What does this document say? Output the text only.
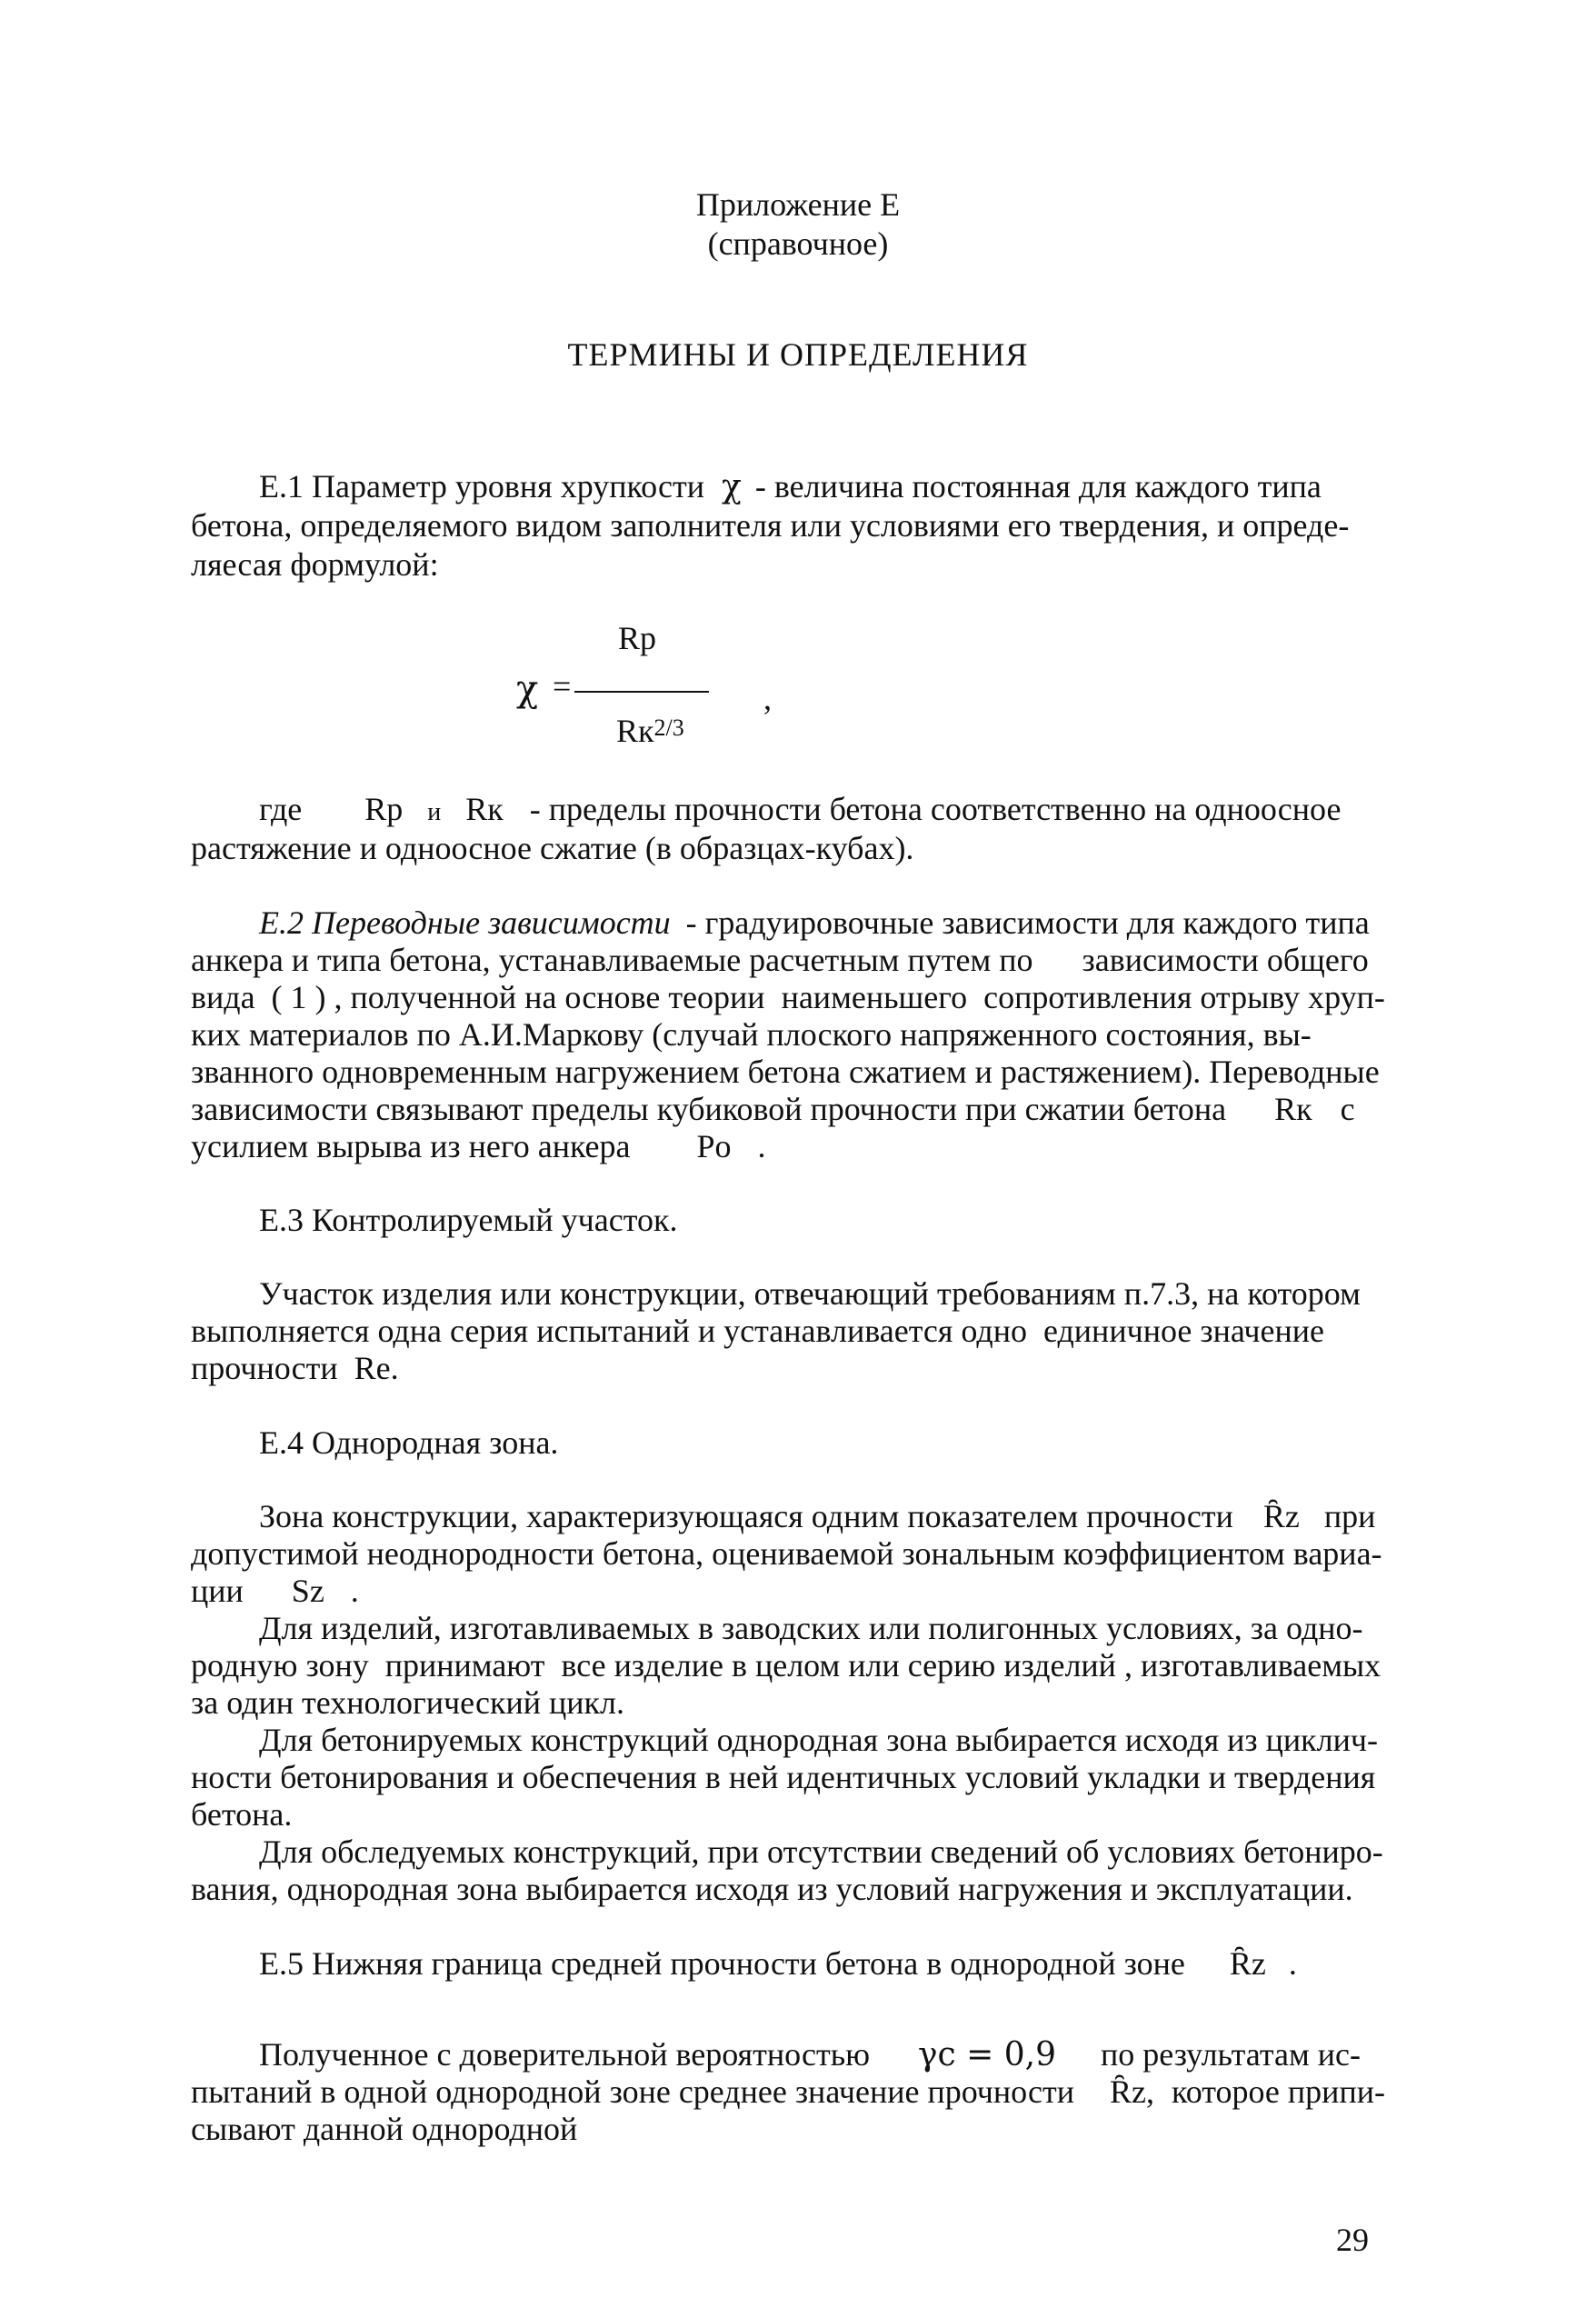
Приложение Е
(справочное)
ТЕРМИНЫ И ОПРЕДЕЛЕНИЯ
Е.1 Параметр уровня хрупкости χ - величина постоянная для каждого типа
бетона, определяемого видом заполнителя или условиями его твердения, и опреде-
ляесая формулой:
Rp
χ =	,
$Rк^{2/3}$
где Rp и Rк - пределы прочности бетона соответственно на одноосное
растяжение и одноосное сжатие (в образцах-кубах).
Е.2 Переводные зависимости - градуировочные зависимости для каждого типа
анкера и типа бетона, устанавливаемые расчетным путем по      зависимости общего
вида  ( 1 ) , полученной на основе теории  наименьшего  сопротивления отрыву хруп-
ких материалов по А.И.Маркову (случай плоского напряженного состояния, вы-
званного одновременным нагружением бетона сжатием и растяжением). Переводные
зависимости связывают пределы кубиковой прочности при сжатии бетона Rк с
усилием вырыва из него анкера Pо .
Е.3 Контролируемый участок.
Участок изделия или конструкции, отвечающий требованиям п.7.3, на котором
выполняется одна серия испытаний и устанавливается одно  единичное значение
прочности  Rе.
Е.4 Однородная зона.
Зона конструкции, характеризующаяся одним показателем прочности Ȓz при
допустимой неоднородности бетона, оцениваемой зональным коэффициентом вариа-
ции Sz .
Для изделий, изготавливаемых в заводских или полигонных условиях, за одно-
родную зону  принимают  все изделие в целом или серию изделий , изготавливаемых
за один технологический цикл.
Для бетонируемых конструкций однородная зона выбирается исходя из циклич-
ности бетонирования и обеспечения в ней идентичных условий укладки и твердения
бетона.
Для обследуемых конструкций, при отсутствии сведений об условиях бетониро-
вания, однородная зона выбирается исходя из условий нагружения и эксплуатации.
Е.5 Нижняя граница средней прочности бетона в однородной зоне Ȓz .
Полученное с доверительной вероятностью γс = 0,9 по результатам ис-
пытаний в одной однородной зоне среднее значение прочности Ȓz, которое припи-
сывают данной однородной
29
